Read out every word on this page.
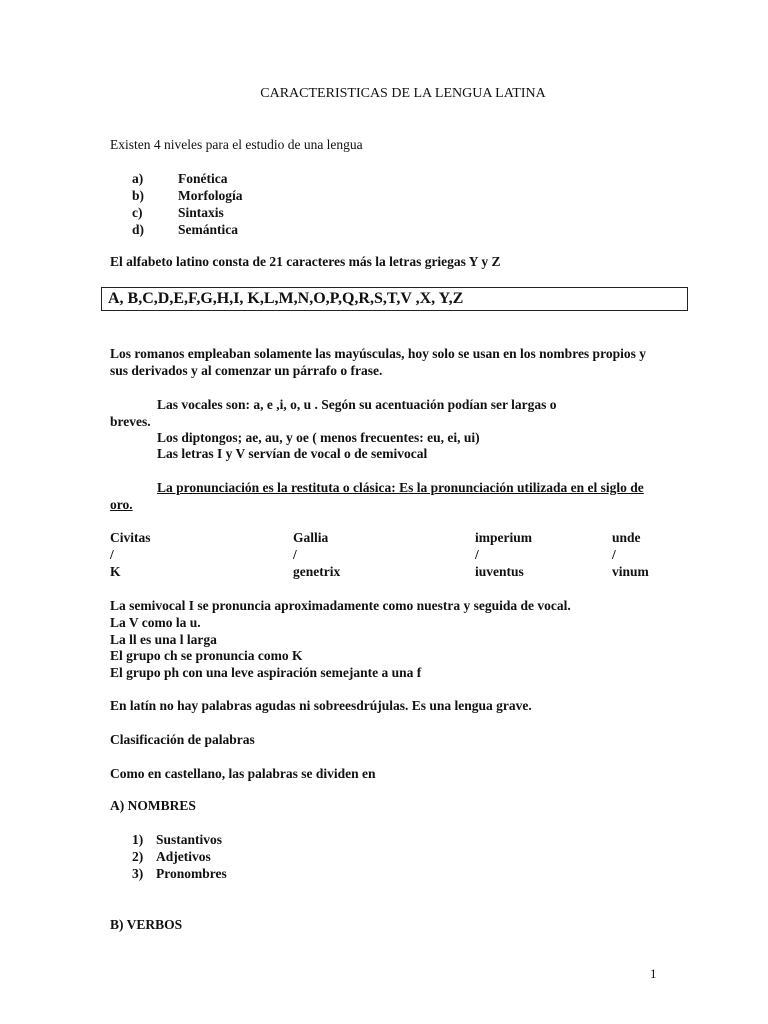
CARACTERISTICAS DE LA LENGUA LATINA
Existen 4 niveles para el estudio de una lengua
a)	Fonética
b)	Morfología
c)	Sintaxis
d)	Semántica
El alfabeto latino consta de 21 caracteres más la letras griegas Y y Z
A, B,C,D,E,F,G,H,I, K,L,M,N,O,P,Q,R,S,T,V ,X, Y,Z
Los romanos empleaban solamente las mayúsculas, hoy solo se usan en los nombres propios y sus derivados y al comenzar un párrafo o frase.
Las vocales son: a, e ,i, o, u . Segón su acentuación podían ser largas o
breves.
Los diptongos; ae, au, y oe ( menos frecuentes: eu, ei, ui)
Las letras I y V servían de vocal o de semivocal
La pronunciación es la restituta o clásica: Es la pronunciación utilizada en el siglo de oro.
Civitas	Gallia	imperium	unde
/	/	/	/
K	genetrix	iuventus	vinum
La semivocal I se pronuncia aproximadamente como nuestra y seguida de vocal.
La V como la u.
La ll es una l larga
El grupo ch se pronuncia como K
El grupo ph con una leve aspiración semejante a una f
En latín no hay palabras agudas ni sobreesdrújulas. Es una lengua grave.
Clasificación de palabras
Como en castellano, las palabras se dividen en
A) NOMBRES
1) Sustantivos
2) Adjetivos
3) Pronombres
B) VERBOS
1
